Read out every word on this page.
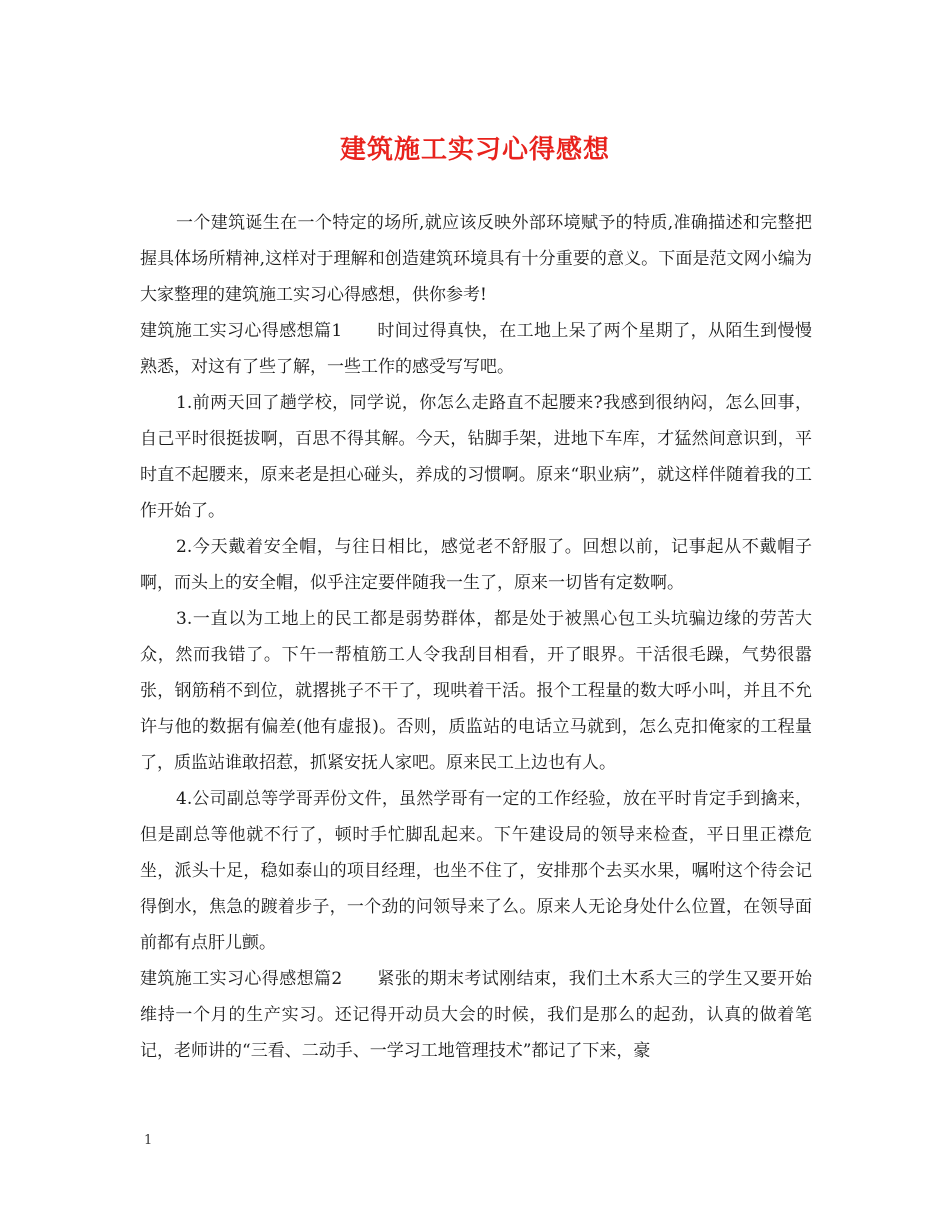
建筑施工实习心得感想

一个建筑诞生在一个特定的场所,就应该反映外部环境赋予的特质,准确描述和完整把握具体场所精神,这样对于理解和创造建筑环境具有十分重要的意义。下面是范文网小编为大家整理的建筑施工实习心得感想，供你参考!

建筑施工实习心得感想篇1　　时间过得真快，在工地上呆了两个星期了，从陌生到慢慢熟悉，对这有了些了解，一些工作的感受写写吧。

1.前两天回了趟学校，同学说，你怎么走路直不起腰来?我感到很纳闷，怎么回事，自己平时很挺拔啊，百思不得其解。今天，钻脚手架，进地下车库，才猛然间意识到，平时直不起腰来，原来老是担心碰头，养成的习惯啊。原来“职业病”，就这样伴随着我的工作开始了。

2.今天戴着安全帽，与往日相比，感觉老不舒服了。回想以前，记事起从不戴帽子啊，而头上的安全帽，似乎注定要伴随我一生了，原来一切皆有定数啊。

3.一直以为工地上的民工都是弱势群体，都是处于被黑心包工头坑骗边缘的劳苦大众，然而我错了。下午一帮植筋工人令我刮目相看，开了眼界。干活很毛躁，气势很嚣张，钢筋稍不到位，就撂挑子不干了，现哄着干活。报个工程量的数大呼小叫，并且不允许与他的数据有偏差(他有虚报)。否则，质监站的电话立马就到，怎么克扣俺家的工程量了，质监站谁敢招惹，抓紧安抚人家吧。原来民工上边也有人。

4.公司副总等学哥弄份文件，虽然学哥有一定的工作经验，放在平时肯定手到擒来，但是副总等他就不行了，顿时手忙脚乱起来。下午建设局的领导来检查，平日里正襟危坐，派头十足，稳如泰山的项目经理，也坐不住了，安排那个去买水果，嘱咐这个待会记得倒水，焦急的踱着步子，一个劲的问领导来了么。原来人无论身处什么位置，在领导面前都有点肝儿颤。

建筑施工实习心得感想篇2　　紧张的期末考试刚结束，我们土木系大三的学生又要开始维持一个月的生产实习。还记得开动员大会的时候，我们是那么的起劲，认真的做着笔记，老师讲的“三看、二动手、一学习工地管理技术”都记了下来，豪

1
